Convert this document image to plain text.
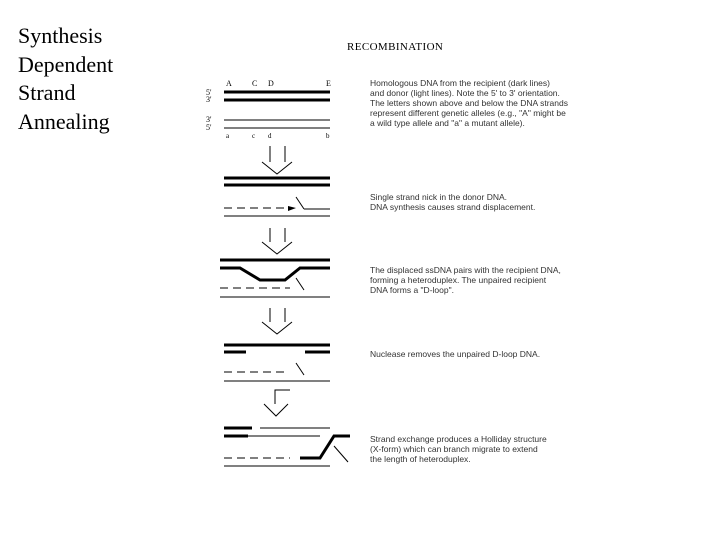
Synthesis
Dependent
Strand
Annealing
RECOMBINATION
5'
3'
3'
5'
A	C D	E
a	c d	b
Homologous DNA from the recipient (dark lines)
and donor (light lines). Note the 5' to 3' orientation.
The letters shown above and below the DNA strands
represent different genetic alleles (e.g., "A" might be
a wild type allele and "a" a mutant allele).
Single strand nick in the donor DNA.
DNA synthesis causes strand displacement.
The displaced ssDNA pairs with the recipient DNA,
forming a heteroduplex. The unpaired recipient
DNA forms a "D-loop".
Nuclease removes the unpaired D-loop DNA.
Strand exchange produces a Holliday structure
(X-form) which can branch migrate to extend
the length of heteroduplex.
